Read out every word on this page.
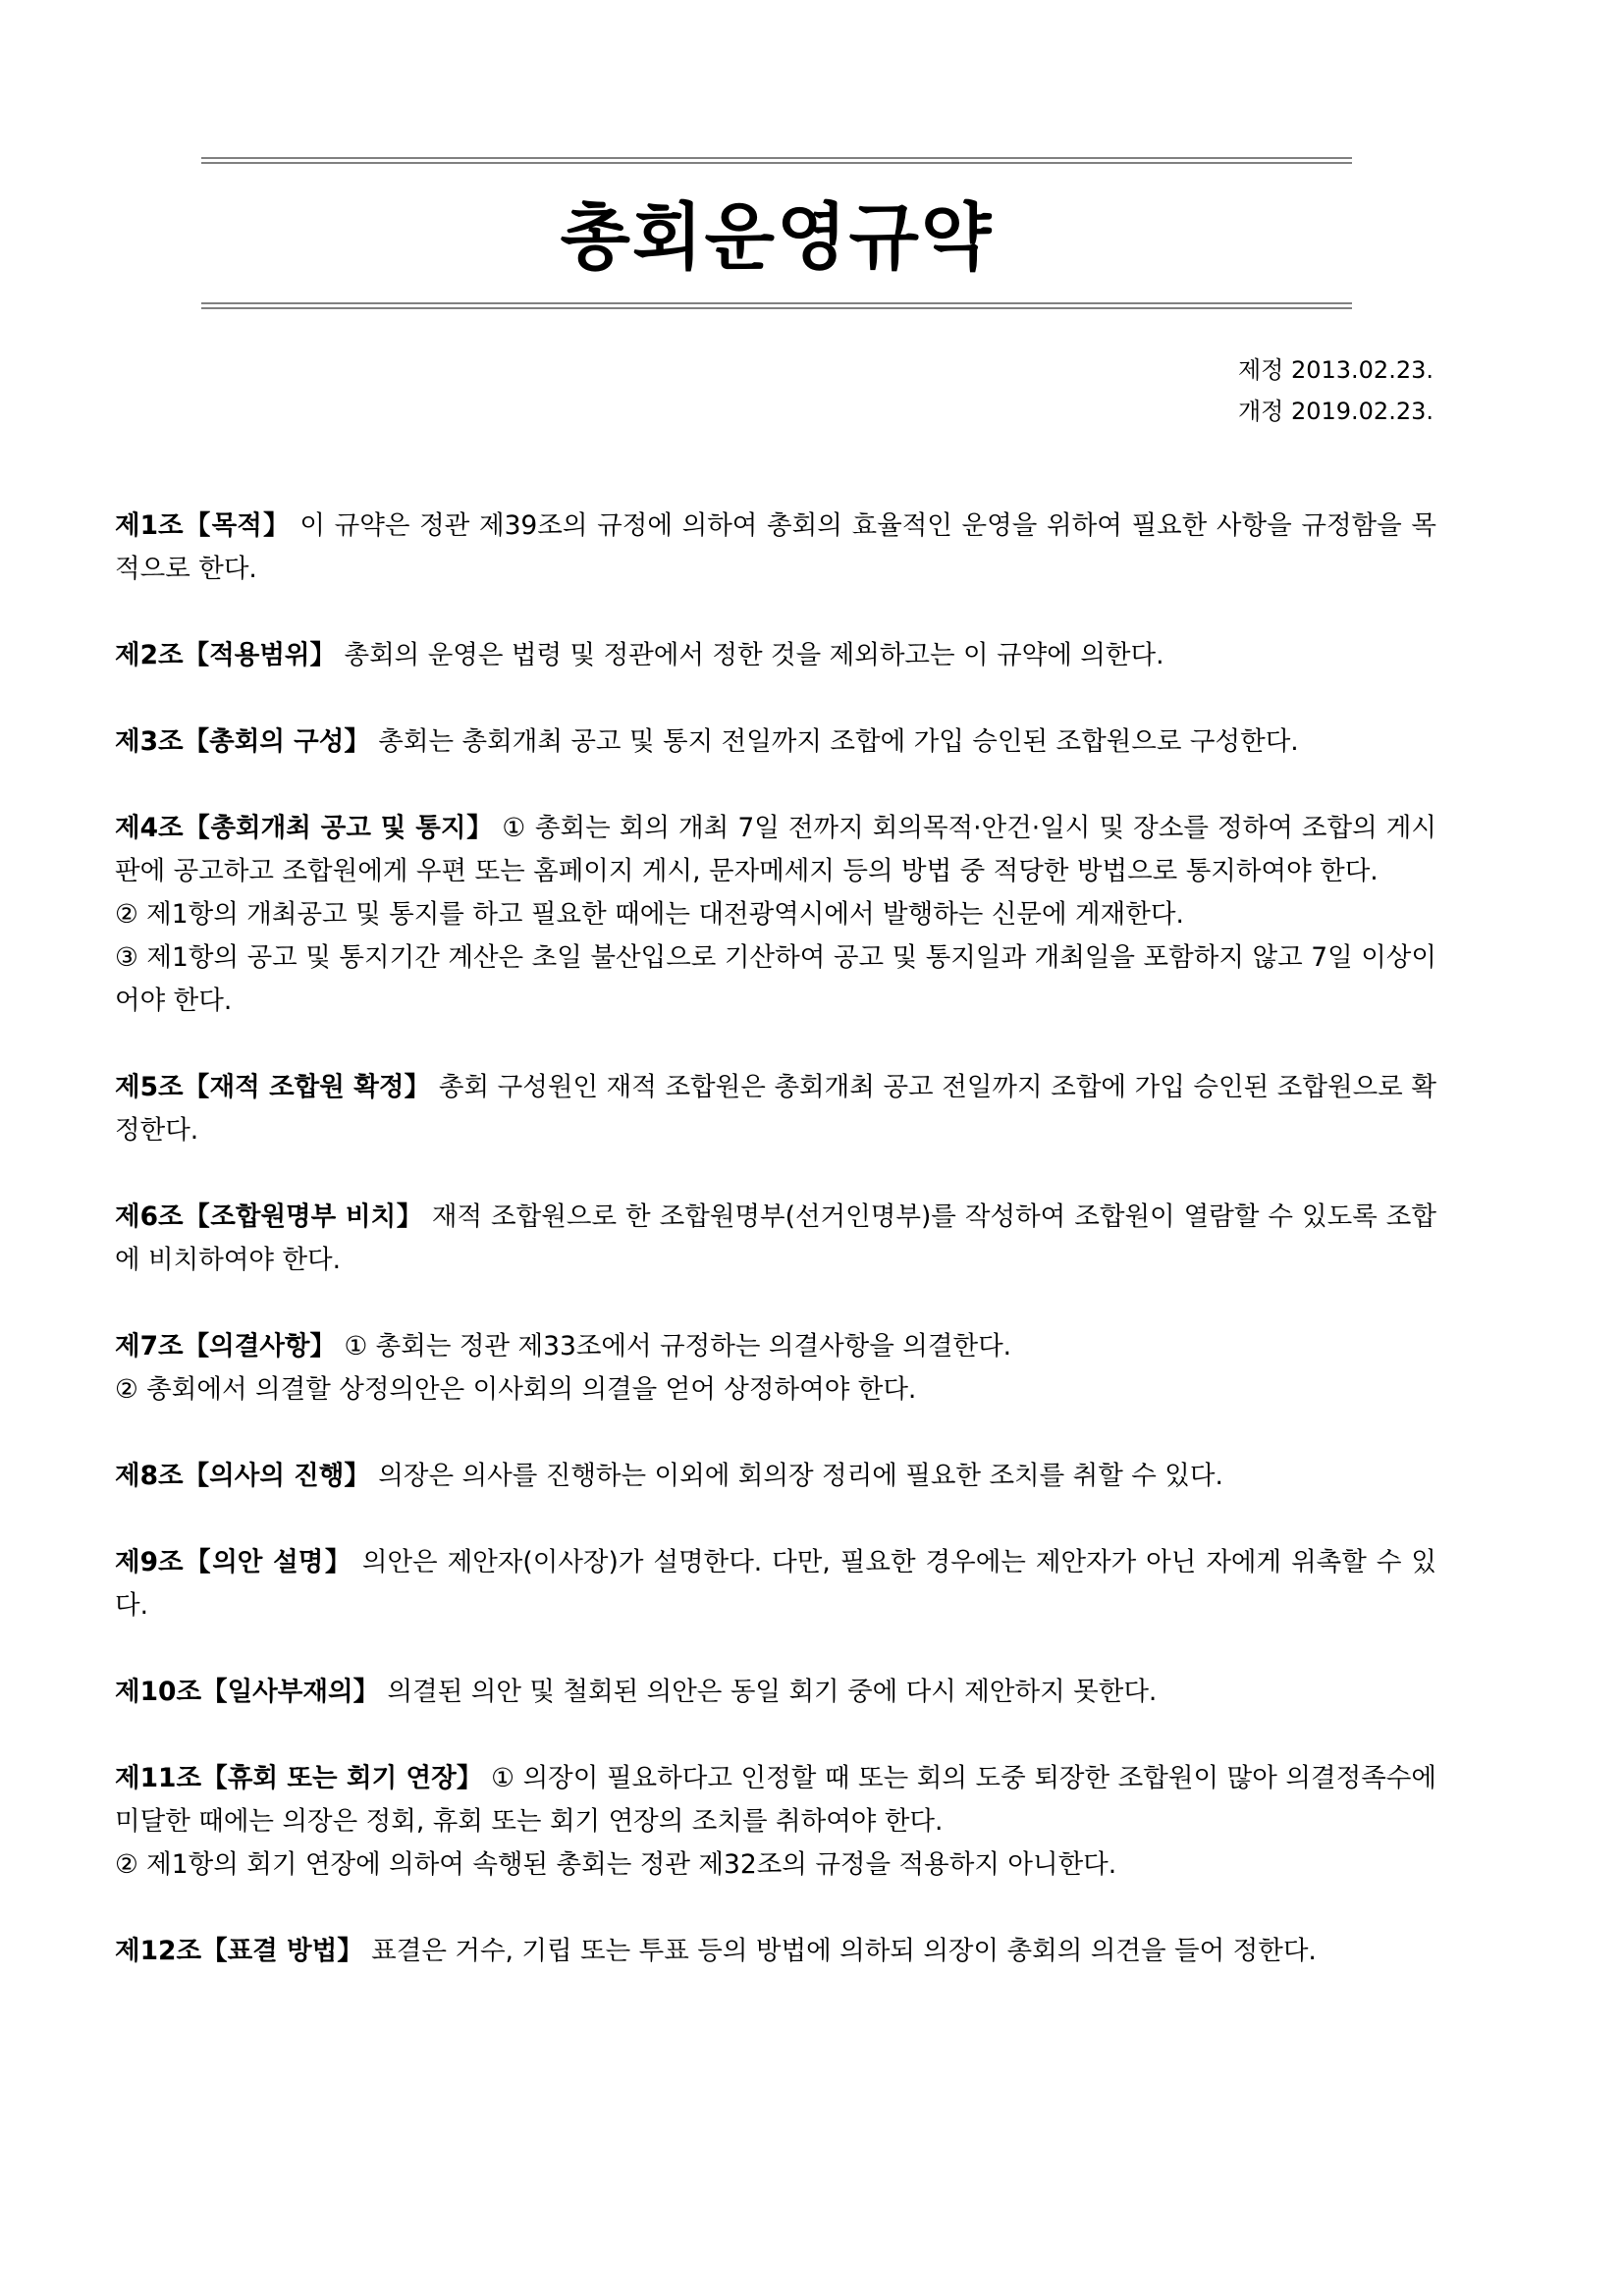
총회운영규약
제정 2013.02.23.
개정 2019.02.23.

제1조【목적】 이 규약은 정관 제39조의 규정에 의하여 총회의 효율적인 운영을 위하여 필요한 사항을 규정함을 목적으로 한다.

제2조【적용범위】 총회의 운영은 법령 및 정관에서 정한 것을 제외하고는 이 규약에 의한다.

제3조【총회의 구성】 총회는 총회개최 공고 및 통지 전일까지 조합에 가입 승인된 조합원으로 구성한다.

제4조【총회개최 공고 및 통지】 ① 총회는 회의 개최 7일 전까지 회의목적·안건·일시 및 장소를 정하여 조합의 게시판에 공고하고 조합원에게 우편 또는 홈페이지 게시, 문자메세지 등의 방법 중 적당한 방법으로 통지하여야 한다.

② 제1항의 개최공고 및 통지를 하고 필요한 때에는 대전광역시에서 발행하는 신문에 게재한다.

③ 제1항의 공고 및 통지기간 계산은 초일 불산입으로 기산하여 공고 및 통지일과 개최일을 포함하지 않고 7일 이상이어야 한다.

제5조【재적 조합원 확정】 총회 구성원인 재적 조합원은 총회개최 공고 전일까지 조합에 가입 승인된 조합원으로 확정한다.

제6조【조합원명부 비치】 재적 조합원으로 한 조합원명부(선거인명부)를 작성하여 조합원이 열람할 수 있도록 조합에 비치하여야 한다.

제7조【의결사항】 ① 총회는 정관 제33조에서 규정하는 의결사항을 의결한다.

② 총회에서 의결할 상정의안은 이사회의 의결을 얻어 상정하여야 한다.

제8조【의사의 진행】 의장은 의사를 진행하는 이외에 회의장 정리에 필요한 조치를 취할 수 있다.

제9조【의안 설명】 의안은 제안자(이사장)가 설명한다. 다만, 필요한 경우에는 제안자가 아닌 자에게 위촉할 수 있다.

제10조【일사부재의】 의결된 의안 및 철회된 의안은 동일 회기 중에 다시 제안하지 못한다.

제11조【휴회 또는 회기 연장】 ① 의장이 필요하다고 인정할 때 또는 회의 도중 퇴장한 조합원이 많아 의결정족수에 미달한 때에는 의장은 정회, 휴회 또는 회기 연장의 조치를 취하여야 한다.

② 제1항의 회기 연장에 의하여 속행된 총회는 정관 제32조의 규정을 적용하지 아니한다.

제12조【표결 방법】 표결은 거수, 기립 또는 투표 등의 방법에 의하되 의장이 총회의 의견을 들어 정한다.
